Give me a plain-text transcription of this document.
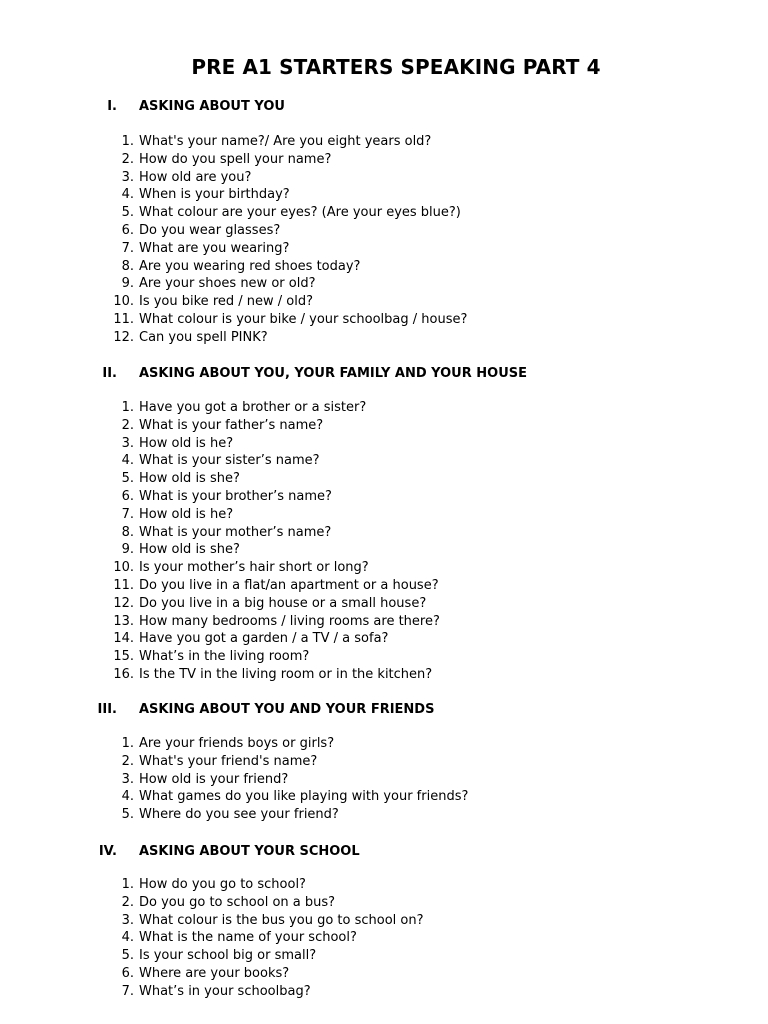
PRE A1 STARTERS SPEAKING PART 4
I. ASKING ABOUT YOU
1. What's your name?/ Are you eight years old?
2. How do you spell your name?
3. How old are you?
4. When is your birthday?
5. What colour are your eyes? (Are your eyes blue?)
6. Do you wear glasses?
7. What are you wearing?
8. Are you wearing red shoes today?
9. Are your shoes new or old?
10. Is you bike red / new / old?
11. What colour is your bike / your schoolbag / house?
12. Can you spell PINK?
II. ASKING ABOUT YOU, YOUR FAMILY AND YOUR HOUSE
1. Have you got a brother or a sister?
2. What is your father’s name?
3. How old is he?
4. What is your sister’s name?
5. How old is she?
6. What is your brother’s name?
7. How old is he?
8. What is your mother’s name?
9. How old is she?
10. Is your mother’s hair short or long?
11. Do you live in a flat/an apartment or a house?
12. Do you live in a big house or a small house?
13. How many bedrooms / living rooms are there?
14. Have you got a garden / a TV / a sofa?
15. What’s in the living room?
16. Is the TV in the living room or in the kitchen?
III. ASKING ABOUT YOU AND YOUR FRIENDS
1. Are your friends boys or girls?
2. What's your friend's name?
3. How old is your friend?
4. What games do you like playing with your friends?
5. Where do you see your friend?
IV. ASKING ABOUT YOUR SCHOOL
1. How do you go to school?
2. Do you go to school on a bus?
3. What colour is the bus you go to school on?
4. What is the name of your school?
5. Is your school big or small?
6. Where are your books?
7. What’s in your schoolbag?
